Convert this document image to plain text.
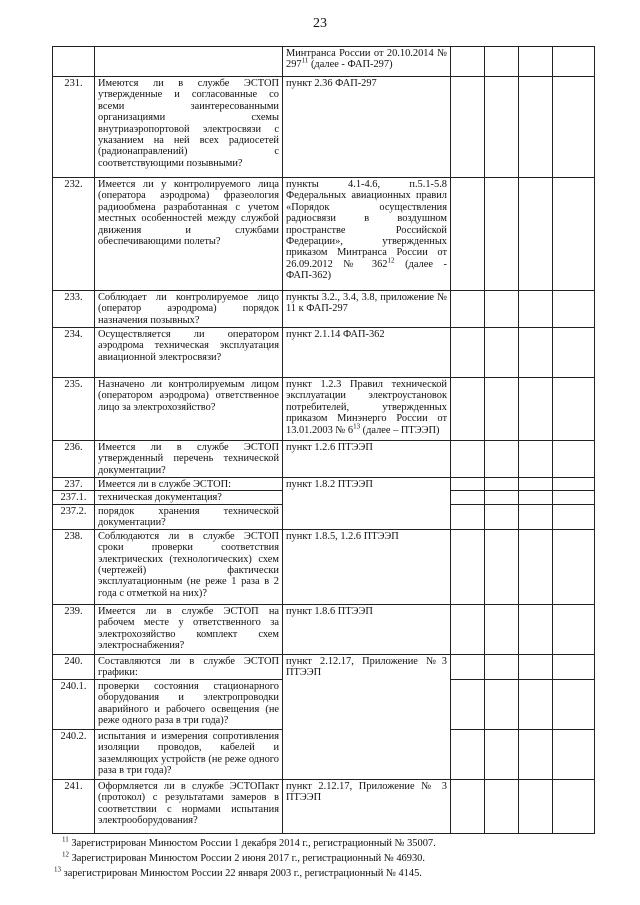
23
		Минтранса России от 20.10.2014 № $297^{11}$ (далее - ФАП-297)				
231.	Имеются ли в службе ЭСТОП утвержденные и согласованные со всеми заинтересованными организациями схемы внутриаэропортовой электросвязи с указанием на ней всех радиосетей (радионаправлений) с соответствующими позывными?	пункт 2.36 ФАП-297				
232.	Имеется ли у контролируемого лица (оператора аэродрома) фразеология радиообмена разработанная с учетом местных особенностей между службой движения и службами обеспечивающими полеты?	пункты 4.1-4.6, п.5.1-5.8 Федеральных авиационных правил «Порядок осуществления радиосвязи в воздушном пространстве Российской Федерации», утвержденных приказом Минтранса России от 26.09.2012 № $362^{12}$ (далее - ФАП-362)				
233.	Соблюдает ли контролируемое лицо (оператор аэродрома) порядок назначения позывных?	пункты 3.2., 3.4, 3.8, приложение № 11 к ФАП-297				
234.	Осуществляется ли оператором аэродрома техническая эксплуатация авиационной электросвязи?	пункт 2.1.14 ФАП-362				
235.	Назначено ли контролируемым лицом (оператором аэродрома) ответственное лицо за электрохозяйство?	пункт 1.2.3 Правил технической эксплуатации электроустановок потребителей, утвержденных приказом Минэнерго России от 13.01.2003 № $6^{13}$ (далее – ПТЭЭП)				
236.	Имеется ли в службе ЭСТОП утвержденный перечень технической документации?	пункт 1.2.6 ПТЭЭП				
237.	Имеется ли в службе ЭСТОП:	пункт 1.8.2 ПТЭЭП				
237.1.	техническая документация?					
237.2.	порядок хранения технической документации?					
238.	Соблюдаются ли в службе ЭСТОП сроки проверки соответствия электрических (технологических) схем (чертежей) фактически эксплуатационным (не реже 1 раза в 2 года с отметкой на них)?	пункт 1.8.5, 1.2.6 ПТЭЭП				
239.	Имеется ли в службе ЭСТОП на рабочем месте у ответственного за электрохозяйство комплект схем электроснабжения?	пункт 1.8.6 ПТЭЭП				
240.	Составляются ли в службе ЭСТОП графики:	пункт 2.12.17, Приложение №3 ПТЭЭП				
240.1.	проверки состояния стационарного оборудования и электропроводки аварийного и рабочего освещения (не реже одного раза в три года)?					
240.2.	испытания и измерения сопротивления изоляции проводов, кабелей и заземляющих устройств (не реже одного раза в три года)?					
241.	Оформляется ли в службе ЭСТОПакт (протокол) с результатами замеров в соответствии с нормами испытания электрооборудования?	пункт 2.12.17, Приложение № 3 ПТЭЭП				
$^{11}$ Зарегистрирован Минюстом России 1 декабря 2014 г., регистрационный № 35007.
$^{12}$ Зарегистрирован Минюстом России 2 июня 2017 г., регистрационный № 46930.
$^{13}$ зарегистрирован Минюстом России 22 января 2003 г., регистрационный № 4145.
